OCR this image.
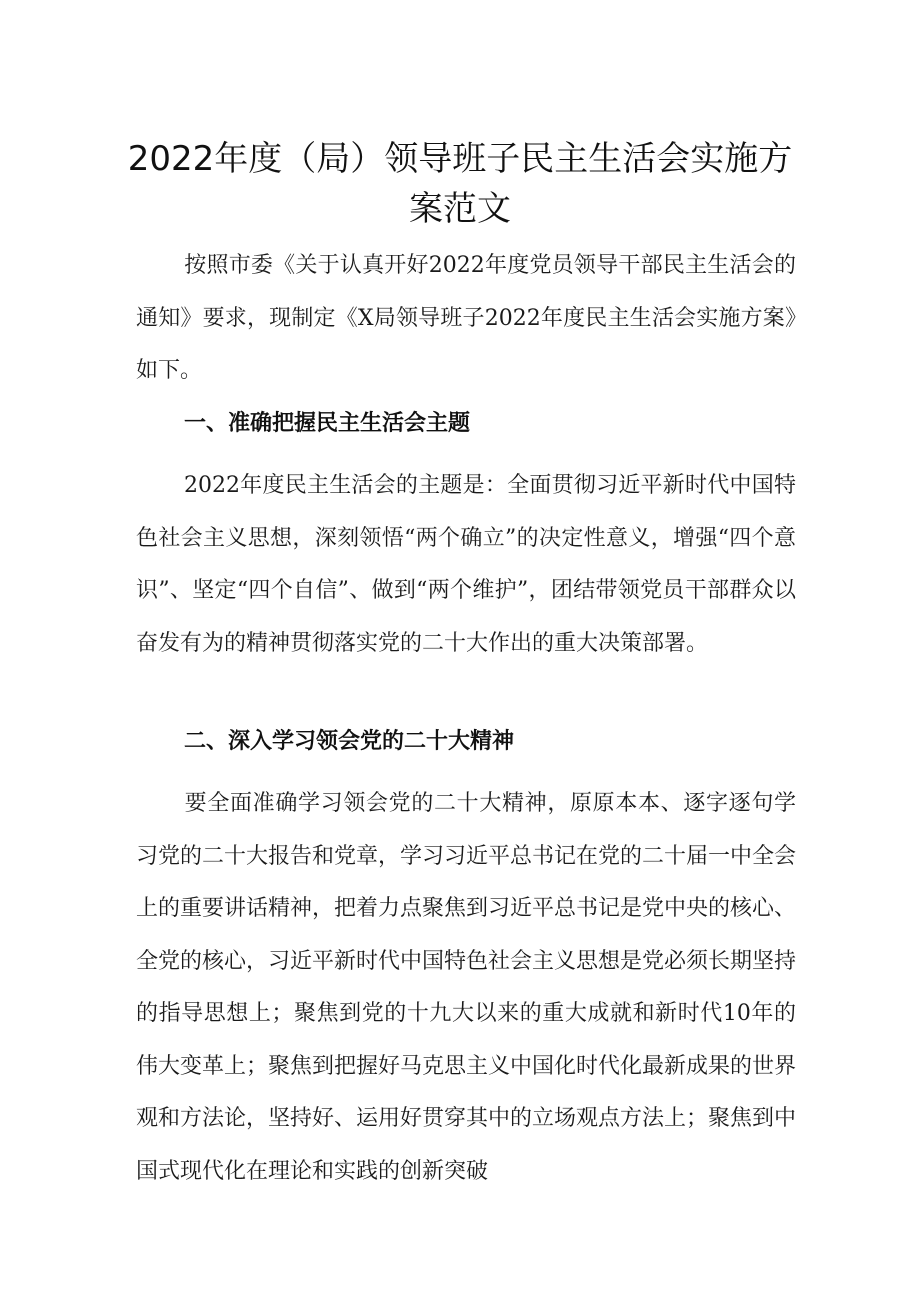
2022年度（局）领导班子民主生活会实施方
案范文

按照市委《关于认真开好2022年度党员领导干部民主生活会的通知》要求，现制定《X局领导班子2022年度民主生活会实施方案》如下。

一、准确把握民主生活会主题

2022年度民主生活会的主题是：全面贯彻习近平新时代中国特色社会主义思想，深刻领悟“两个确立”的决定性意义，增强“四个意识”、坚定“四个自信”、做到“两个维护”，团结带领党员干部群众以奋发有为的精神贯彻落实党的二十大作出的重大决策部署。

二、深入学习领会党的二十大精神

要全面准确学习领会党的二十大精神，原原本本、逐字逐句学习党的二十大报告和党章，学习习近平总书记在党的二十届一中全会上的重要讲话精神，把着力点聚焦到习近平总书记是党中央的核心、全党的核心，习近平新时代中国特色社会主义思想是党必须长期坚持的指导思想上；聚焦到党的十九大以来的重大成就和新时代10年的伟大变革上；聚焦到把握好马克思主义中国化时代化最新成果的世界观和方法论，坚持好、运用好贯穿其中的立场观点方法上；聚焦到中国式现代化在理论和实践的创新突破
